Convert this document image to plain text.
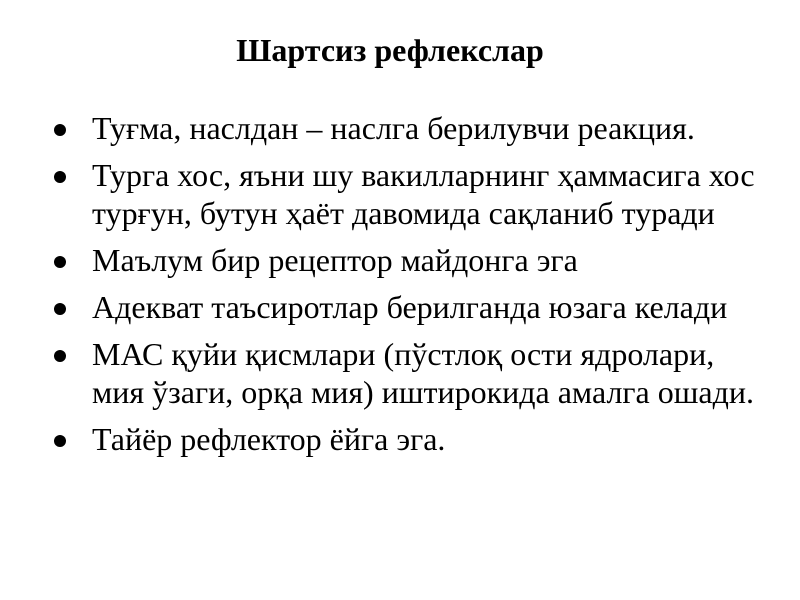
Шартсиз рефлекслар
Туғма, наслдан – наслга берилувчи реакция.
Турга хос, яъни шу вакилларнинг ҳаммасига хос турғун, бутун ҳаёт давомида сақланиб туради
Маълум бир рецептор майдонга эга
Адекват таъсиротлар берилганда юзага келади
МАС қуйи қисмлари (пўстлоқ ости ядролари, мия ўзаги, орқа мия) иштирокида амалга ошади.
Тайёр рефлектор ёйга эга.
